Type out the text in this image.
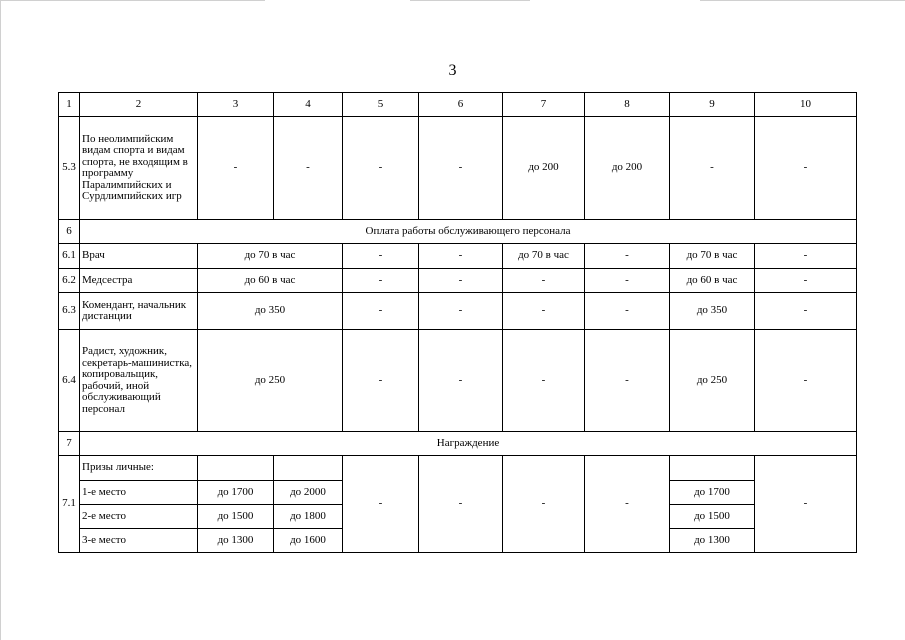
3
1	2	3	4	5	6	7	8	9	10
5.3	По неолимпийским видам спорта и видам спорта, не входящим в программу Паралимпийских и Сурдлимпийских игр	-	-	-	-	до 200	до 200	-	-
6	Оплата работы обслуживающего персонала								
6.1	Врач	до 70 в час		-	-	до 70 в час	-	до 70 в час	-
6.2	Медсестра	до 60 в час		-	-	-	-	до 60 в час	-
6.3	Комендант, начальник дистанции	до 350		-	-	-	-	до 350	-
6.4	Радист, художник, секретарь-машинистка, копировальщик, рабочий, иной обслуживающий персонал	до 250		-	-	-	-	до 250	-
7	Награждение								
7.1	Призы личные:			-	-	-	-		-
	1-е место	до 1700	до 2000					до 1700	
	2-е место	до 1500	до 1800					до 1500	
	3-е место	до 1300	до 1600					до 1300	
